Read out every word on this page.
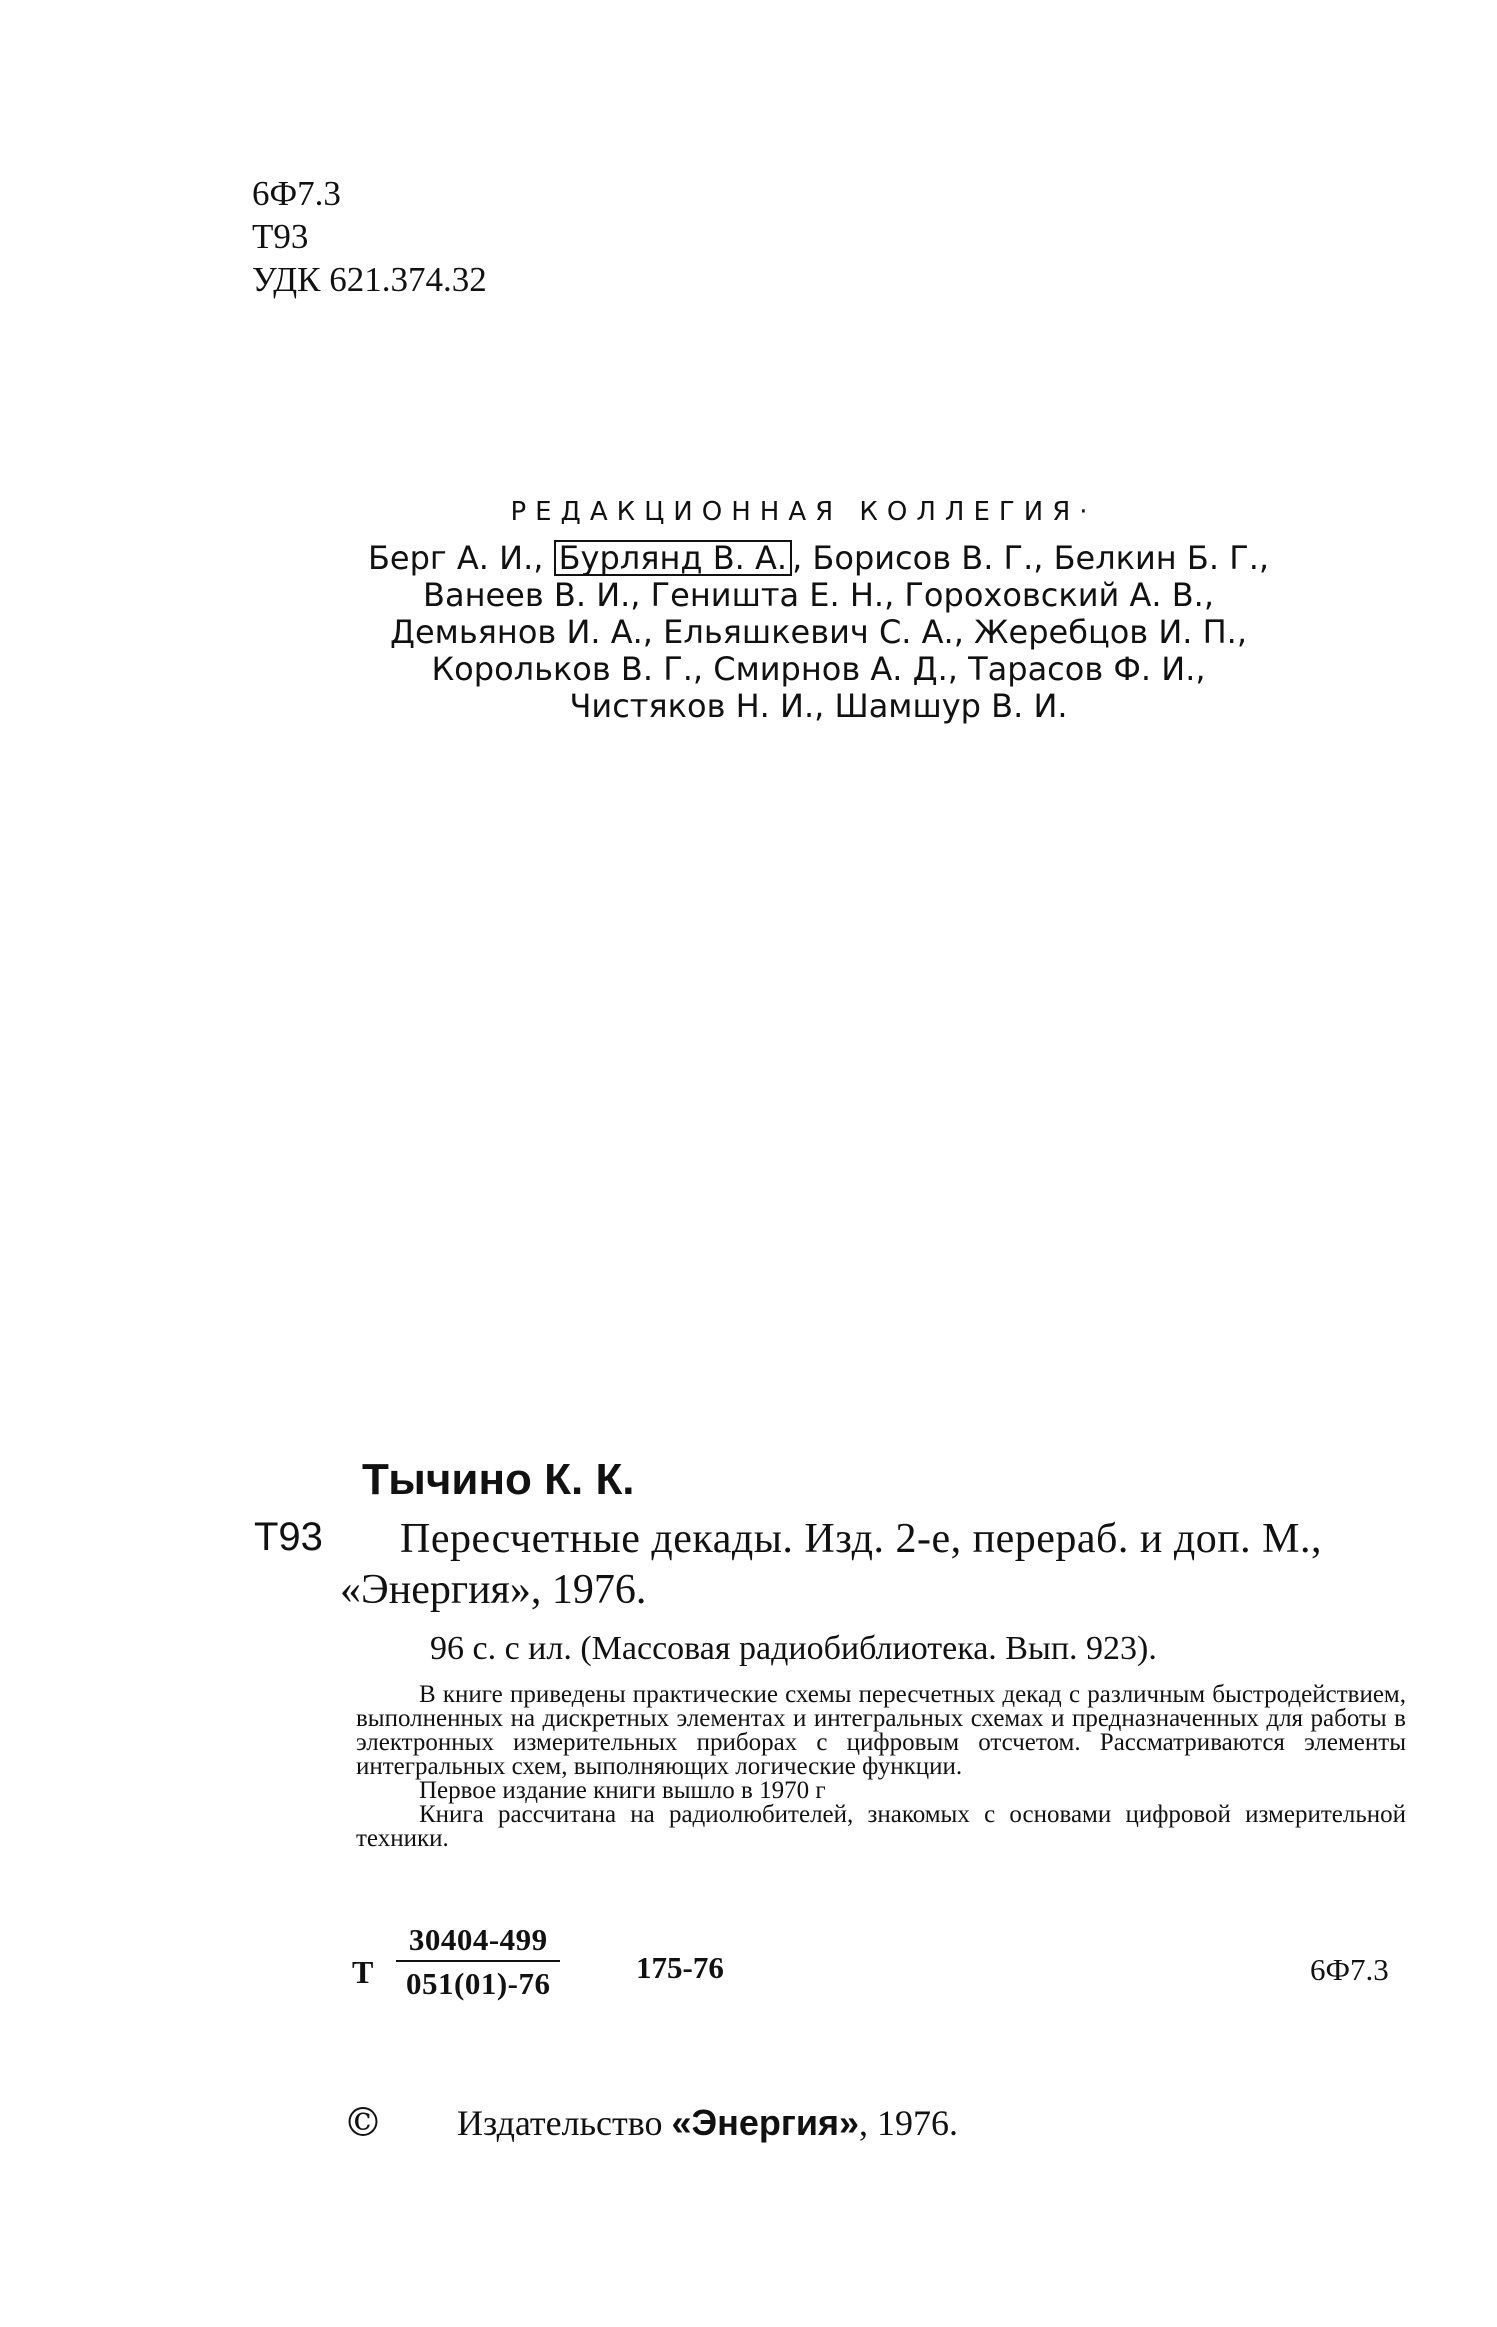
6Ф7.3
Т93
УДК 621.374.32
РЕДАКЦИОННАЯ КОЛЛЕГИЯ·
Берг А. И., Бурлянд В. А. , Борисов В. Г., Белкин Б. Г.,
Ванеев В. И., Геништа Е. Н., Гороховский А. В.,
Демьянов И. А., Ельяшкевич С. А., Жеребцов И. П.,
Корольков В. Г., Смирнов А. Д., Тарасов Ф. И.,
Чистяков Н. И., Шамшур В. И.
Тычино К. К.
Т93 Пересчетные декады. Изд. 2-е, перераб. и доп. М.,
«Энергия», 1976.
96 с. с ил. (Массовая радиобиблиотека. Вып. 923).

В книге приведены практические схемы пересчетных декад с различным быстродействием, выполненных на дискретных элементах и интегральных схемах и предназначенных для работы в электронных измерительных приборах с цифровым отсчетом. Рассматриваются элементы интегральных схем, выполняющих логические функции.

Первое издание книги вышло в 1970 г

Книга рассчитана на радиолюбителей, знакомых с основами цифровой измерительной техники.

Т $\frac{30404-499}{051(01)-76} 175-76$	6Ф7.3
© Издательство «Энергия», 1976.
